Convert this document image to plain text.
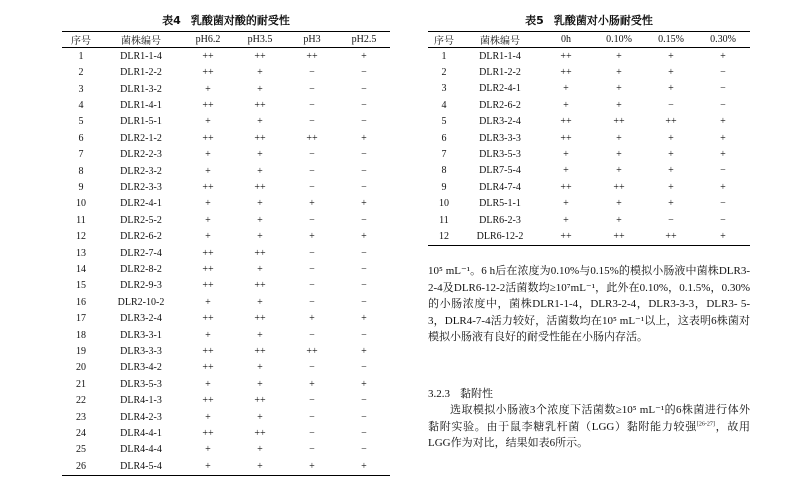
表4 乳酸菌对酸的耐受性
序号	菌株编号	pH6.2	pH3.5	pH3	pH2.5
1	DLR1-1-4	++	++	++	+
2	DLR1-2-2	++	+	−	−
3	DLR1-3-2	+	+	−	−
4	DLR1-4-1	++	++	−	−
5	DLR1-5-1	+	+	−	−
6	DLR2-1-2	++	++	++	+
7	DLR2-2-3	+	+	−	−
8	DLR2-3-2	+	+	−	−
9	DLR2-3-3	++	++	−	−
10	DLR2-4-1	+	+	+	+
11	DLR2-5-2	+	+	−	−
12	DLR2-6-2	+	+	+	+
13	DLR2-7-4	++	++	−	−
14	DLR2-8-2	++	+	−	−
15	DLR2-9-3	++	++	−	−
16	DLR2-10-2	+	+	−	−
17	DLR3-2-4	++	++	+	+
18	DLR3-3-1	+	+	−	−
19	DLR3-3-3	++	++	++	+
20	DLR3-4-2	++	+	−	−
21	DLR3-5-3	+	+	+	+
22	DLR4-1-3	++	++	−	−
23	DLR4-2-3	+	+	−	−
24	DLR4-4-1	++	++	−	−
25	DLR4-4-4	+	+	−	−
26	DLR4-5-4	+	+	+	+
表5 乳酸菌对小肠耐受性
序号	菌株编号	0h	0.10%	0.15%	0.30%
1	DLR1-1-4	++	+	+	+
2	DLR1-2-2	++	+	+	−
3	DLR2-4-1	+	+	+	−
4	DLR2-6-2	+	+	−	−
5	DLR3-2-4	++	++	++	+
6	DLR3-3-3	++	+	+	+
7	DLR3-5-3	+	+	+	+
8	DLR7-5-4	+	+	+	−
9	DLR4-7-4	++	++	+	+
10	DLR5-1-1	+	+	+	−
11	DLR6-2-3	+	+	−	−
12	DLR6-12-2	++	++	++	+

10⁵ mL⁻¹。6 h后在浓度为0.10%与0.15%的模拟小肠液中菌株DLR3-2-4及DLR6-12-2活菌数均≥10⁷mL⁻¹，此外在0.10%，0.1.5%，0.30%的小肠浓度中，菌株DLR1-1-4，DLR3-2-4，DLR3-3-3，DLR3- 5-3，DLR4-7-4活力较好，活菌数均在10⁵ mL⁻¹以上，这表明6株菌对模拟小肠液有良好的耐受性能在小肠内存活。

3.2.3 黏附性

选取模拟小肠液3个浓度下活菌数≥10⁵ mL⁻¹的6株菌进行体外黏附实验。由于鼠李糖乳杆菌（LGG）黏附能力较强[26-27]，故用LGG作为对比，结果如表6所示。
